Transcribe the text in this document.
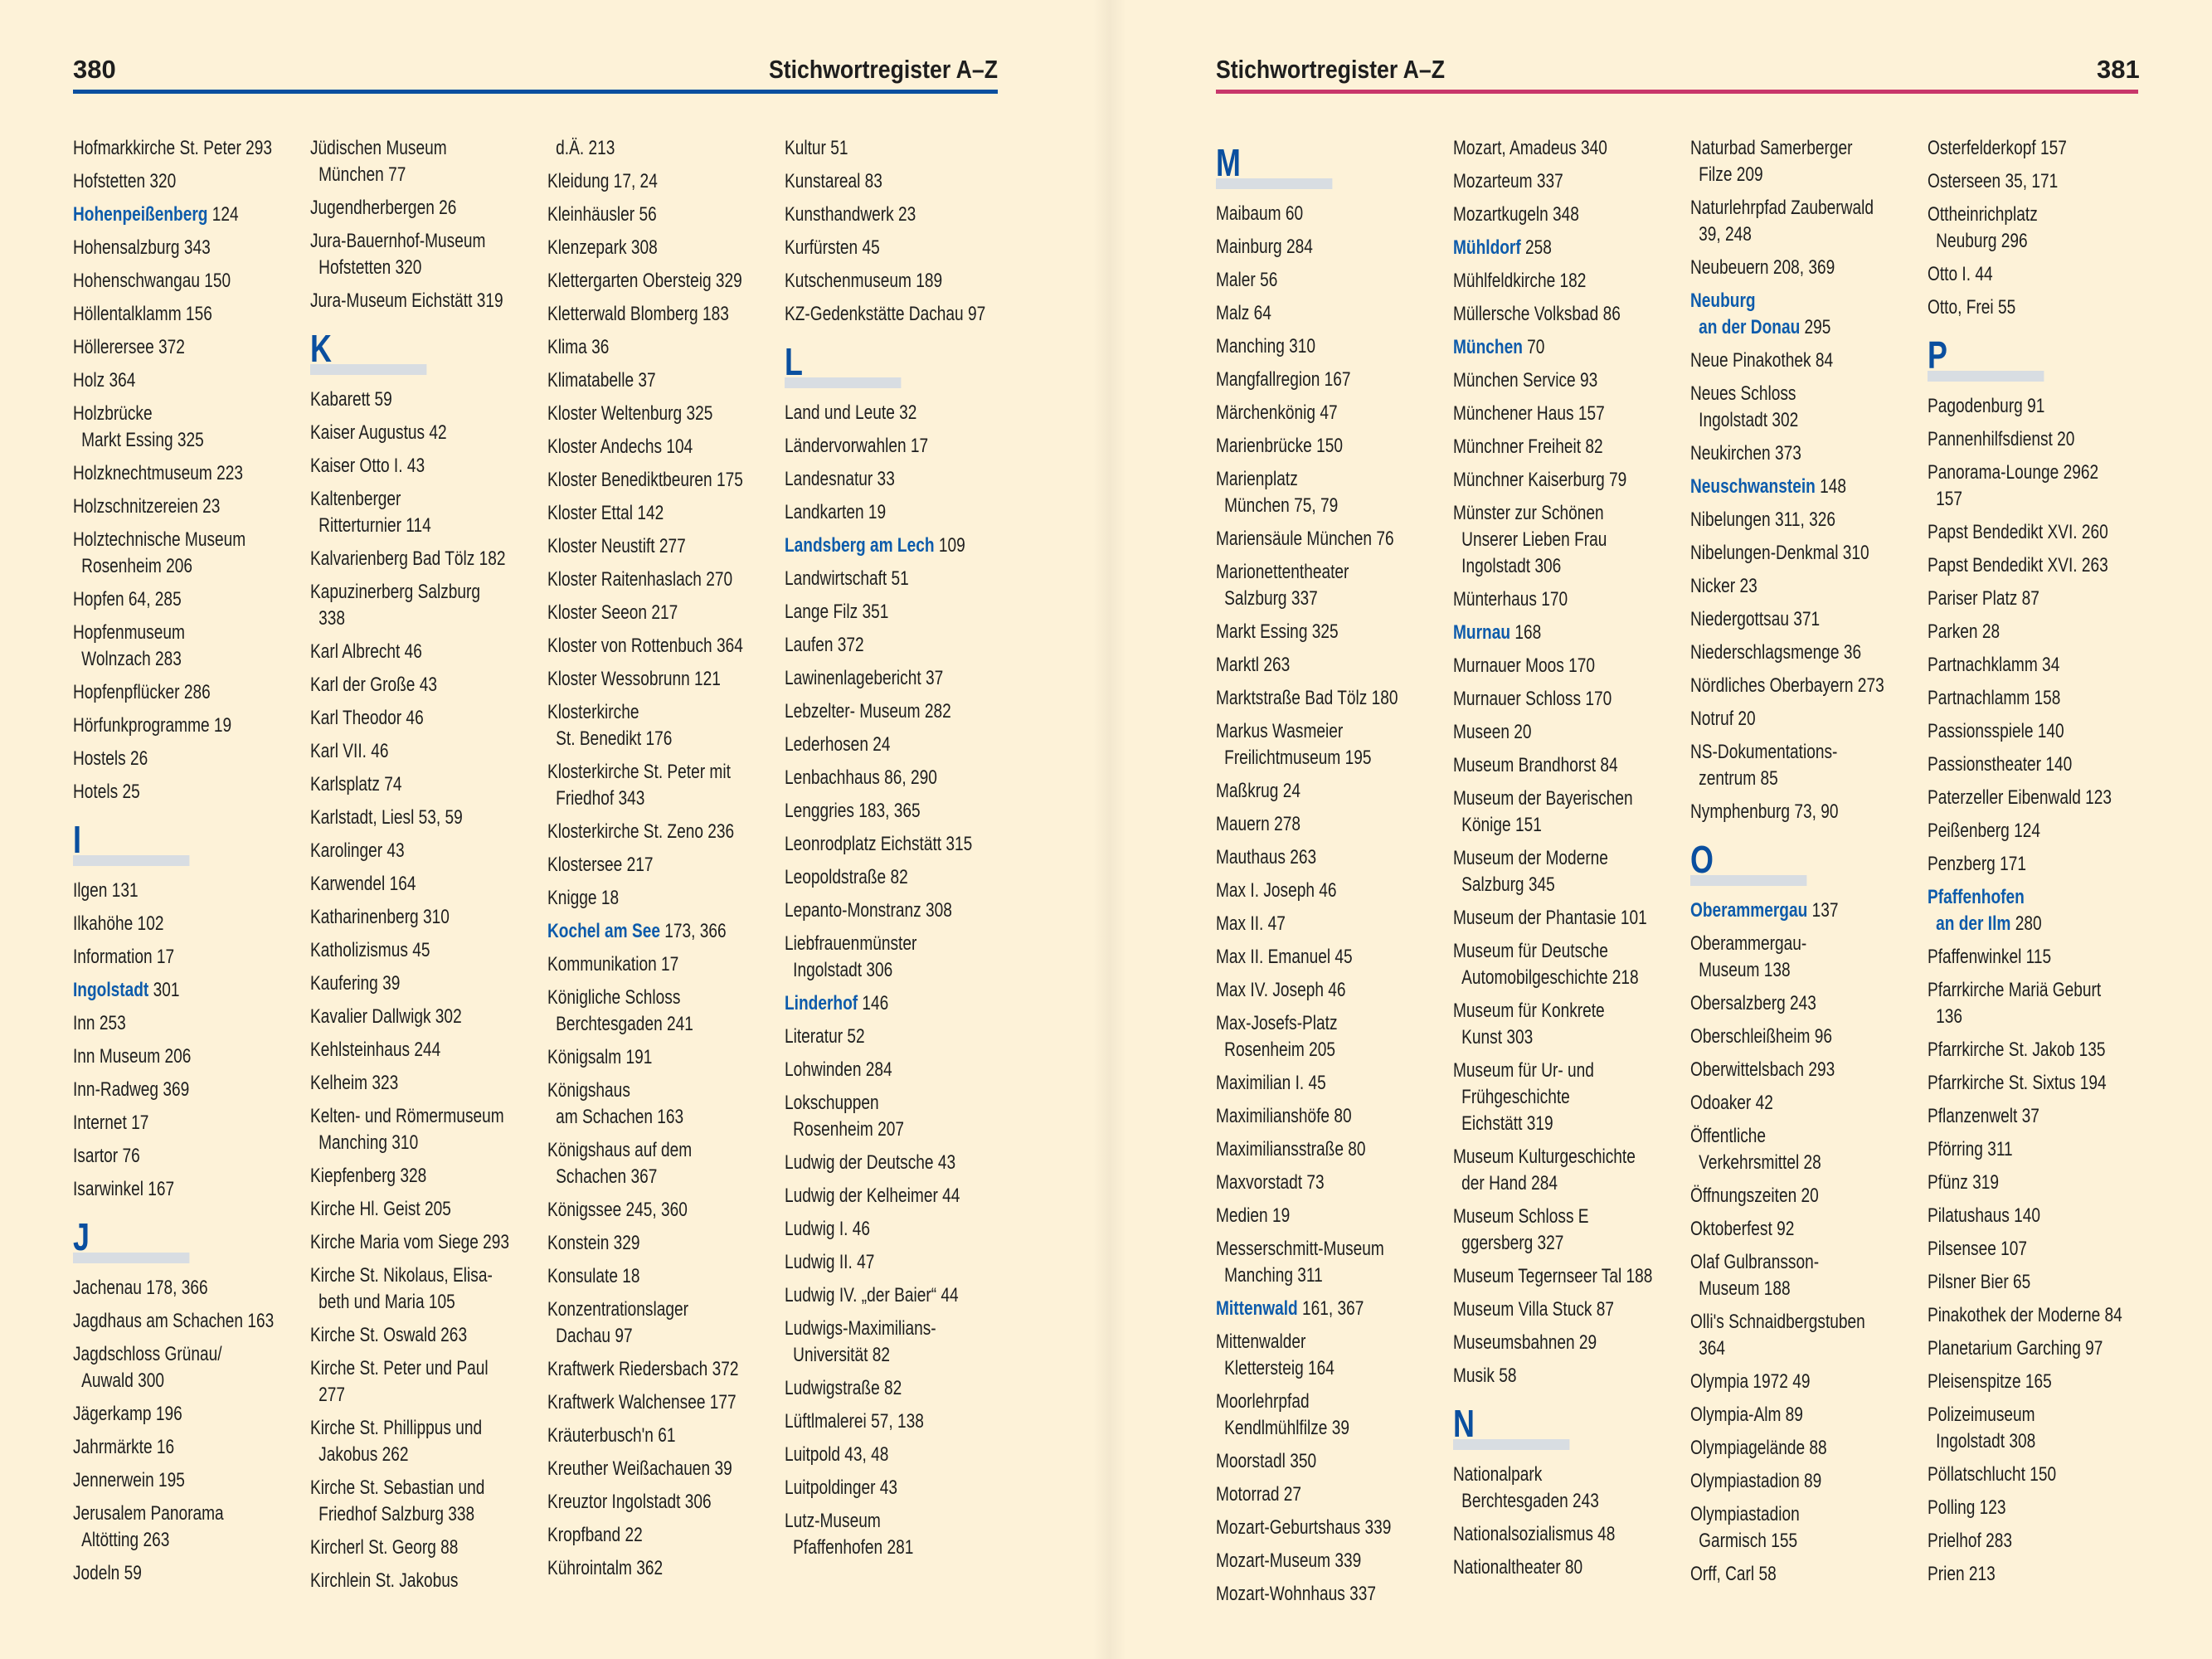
380	Stichwortregister A–Z	Stichwortregister A–Z	381
Hofmarkkirche St. Peter 293
Hofstetten 320
Hohenpeißenberg 124
Hohensalzburg 343
Hohenschwangau 150
Höllentalklamm 156
Höllerersee 372
Holz 364
Holzbrücke
Markt Essing 325
Holzknechtmuseum 223
Holzschnitzereien 23
Holztechnische Museum
Rosenheim 206
Hopfen 64, 285
Hopfenmuseum
Wolnzach 283
Hopfenpflücker 286
Hörfunkprogramme 19
Hostels 26
Hotels 25
I
Ilgen 131
Ilkahöhe 102
Information 17
Ingolstadt 301
Inn 253
Inn Museum 206
Inn-Radweg 369
Internet 17
Isartor 76
Isarwinkel 167
J
Jachenau 178, 366
Jagdhaus am Schachen 163
Jagdschloss Grünau/
Auwald 300
Jägerkamp 196
Jahrmärkte 16
Jennerwein 195
Jerusalem Panorama
Altötting 263
Jodeln 59
Jüdischen Museum
München 77
Jugendherbergen 26
Jura-Bauernhof-Museum
Hofstetten 320
Jura-Museum Eichstätt 319
K
Kabarett 59
Kaiser Augustus 42
Kaiser Otto I. 43
Kaltenberger
Ritterturnier 114
Kalvarienberg Bad Tölz 182
Kapuzinerberg Salzburg
338
Karl Albrecht 46
Karl der Große 43
Karl Theodor 46
Karl VII. 46
Karlsplatz 74
Karlstadt, Liesl 53, 59
Karolinger 43
Karwendel 164
Katharinenberg 310
Katholizismus 45
Kaufering 39
Kavalier Dallwigk 302
Kehlsteinhaus 244
Kelheim 323
Kelten- und Römermuseum
Manching 310
Kiepfenberg 328
Kirche Hl. Geist 205
Kirche Maria vom Siege 293
Kirche St. Nikolaus, Elisa-
beth und Maria 105
Kirche St. Oswald 263
Kirche St. Peter und Paul
277
Kirche St. Phillippus und
Jakobus 262
Kirche St. Sebastian und
Friedhof Salzburg 338
Kircherl St. Georg 88
Kirchlein St. Jakobus
d.Ä. 213
Kleidung 17, 24
Kleinhäusler 56
Klenzepark 308
Klettergarten Obersteig 329
Kletterwald Blomberg 183
Klima 36
Klimatabelle 37
Kloster Weltenburg 325
Kloster Andechs 104
Kloster Benediktbeuren 175
Kloster Ettal 142
Kloster Neustift 277
Kloster Raitenhaslach 270
Kloster Seeon 217
Kloster von Rottenbuch 364
Kloster Wessobrunn 121
Klosterkirche
St. Benedikt 176
Klosterkirche St. Peter mit
Friedhof 343
Klosterkirche St. Zeno 236
Klostersee 217
Knigge 18
Kochel am See 173, 366
Kommunikation 17
Königliche Schloss
Berchtesgaden 241
Königsalm 191
Königshaus
am Schachen 163
Königshaus auf dem
Schachen 367
Königssee 245, 360
Konstein 329
Konsulate 18
Konzentrationslager
Dachau 97
Kraftwerk Riedersbach 372
Kraftwerk Walchensee 177
Kräuterbusch'n 61
Kreuther Weißachauen 39
Kreuztor Ingolstadt 306
Kropfband 22
Kührointalm 362
Kultur 51
Kunstareal 83
Kunsthandwerk 23
Kurfürsten 45
Kutschenmuseum 189
KZ-Gedenkstätte Dachau 97
L
Land und Leute 32
Ländervorwahlen 17
Landesnatur 33
Landkarten 19
Landsberg am Lech 109
Landwirtschaft 51
Lange Filz 351
Laufen 372
Lawinenlagebericht 37
Lebzelter- Museum 282
Lederhosen 24
Lenbachhaus 86, 290
Lenggries 183, 365
Leonrodplatz Eichstätt 315
Leopoldstraße 82
Lepanto-Monstranz 308
Liebfrauenmünster
Ingolstadt 306
Linderhof 146
Literatur 52
Lohwinden 284
Lokschuppen
Rosenheim 207
Ludwig der Deutsche 43
Ludwig der Kelheimer 44
Ludwig I. 46
Ludwig II. 47
Ludwig IV. „der Baier“ 44
Ludwigs-Maximilians-
Universität 82
Ludwigstraße 82
Lüftlmalerei 57, 138
Luitpold 43, 48
Luitpoldinger 43
Lutz-Museum
Pfaffenhofen 281
M
Maibaum 60
Mainburg 284
Maler 56
Malz 64
Manching 310
Mangfallregion 167
Märchenkönig 47
Marienbrücke 150
Marienplatz
München 75, 79
Mariensäule München 76
Marionettentheater
Salzburg 337
Markt Essing 325
Marktl 263
Marktstraße Bad Tölz 180
Markus Wasmeier
Freilichtmuseum 195
Maßkrug 24
Mauern 278
Mauthaus 263
Max I. Joseph 46
Max II. 47
Max II. Emanuel 45
Max IV. Joseph 46
Max-Josefs-Platz
Rosenheim 205
Maximilian I. 45
Maximilianshöfe 80
Maximiliansstraße 80
Maxvorstadt 73
Medien 19
Messerschmitt-Museum
Manching 311
Mittenwald 161, 367
Mittenwalder
Klettersteig 164
Moorlehrpfad
Kendlmühlfilze 39
Moorstadl 350
Motorrad 27
Mozart-Geburtshaus 339
Mozart-Museum 339
Mozart-Wohnhaus 337
Mozart, Amadeus 340
Mozarteum 337
Mozartkugeln 348
Mühldorf 258
Mühlfeldkirche 182
Müllersche Volksbad 86
München 70
München Service 93
Münchener Haus 157
Münchner Freiheit 82
Münchner Kaiserburg 79
Münster zur Schönen
Unserer Lieben Frau
Ingolstadt 306
Münterhaus 170
Murnau 168
Murnauer Moos 170
Murnauer Schloss 170
Museen 20
Museum Brandhorst 84
Museum der Bayerischen
Könige 151
Museum der Moderne
Salzburg 345
Museum der Phantasie 101
Museum für Deutsche
Automobilgeschichte 218
Museum für Konkrete
Kunst 303
Museum für Ur- und
Frühgeschichte
Eichstätt 319
Museum Kulturgeschichte
der Hand 284
Museum Schloss E
ggersberg 327
Museum Tegernseer Tal 188
Museum Villa Stuck 87
Museumsbahnen 29
Musik 58
N
Nationalpark
Berchtesgaden 243
Nationalsozialismus 48
Nationaltheater 80
Naturbad Samerberger
Filze 209
Naturlehrpfad Zauberwald
39, 248
Neubeuern 208, 369
Neuburg
an der Donau 295
Neue Pinakothek 84
Neues Schloss
Ingolstadt 302
Neukirchen 373
Neuschwanstein 148
Nibelungen 311, 326
Nibelungen-Denkmal 310
Nicker 23
Niedergottsau 371
Niederschlagsmenge 36
Nördliches Oberbayern 273
Notruf 20
NS-Dokumentations-
zentrum 85
Nymphenburg 73, 90
O
Oberammergau 137
Oberammergau-
Museum 138
Obersalzberg 243
Oberschleißheim 96
Oberwittelsbach 293
Odoaker 42
Öffentliche
Verkehrsmittel 28
Öffnungszeiten 20
Oktoberfest 92
Olaf Gulbransson-
Museum 188
Olli's Schnaidbergstuben
364
Olympia 1972 49
Olympia-Alm 89
Olympiagelände 88
Olympiastadion 89
Olympiastadion
Garmisch 155
Orff, Carl 58
Osterfelderkopf 157
Osterseen 35, 171
Ottheinrichplatz
Neuburg 296
Otto I. 44
Otto, Frei 55
P
Pagodenburg 91
Pannenhilfsdienst 20
Panorama-Lounge 2962
157
Papst Bendedikt XVI. 260
Papst Bendedikt XVI. 263
Pariser Platz 87
Parken 28
Partnachklamm 34
Partnachlamm 158
Passionsspiele 140
Passionstheater 140
Paterzeller Eibenwald 123
Peißenberg 124
Penzberg 171
Pfaffenhofen
an der Ilm 280
Pfaffenwinkel 115
Pfarrkirche Mariä Geburt
136
Pfarrkirche St. Jakob 135
Pfarrkirche St. Sixtus 194
Pflanzenwelt 37
Pförring 311
Pfünz 319
Pilatushaus 140
Pilsensee 107
Pilsner Bier 65
Pinakothek der Moderne 84
Planetarium Garching 97
Pleisenspitze 165
Polizeimuseum
Ingolstadt 308
Pöllatschlucht 150
Polling 123
Prielhof 283
Prien 213
